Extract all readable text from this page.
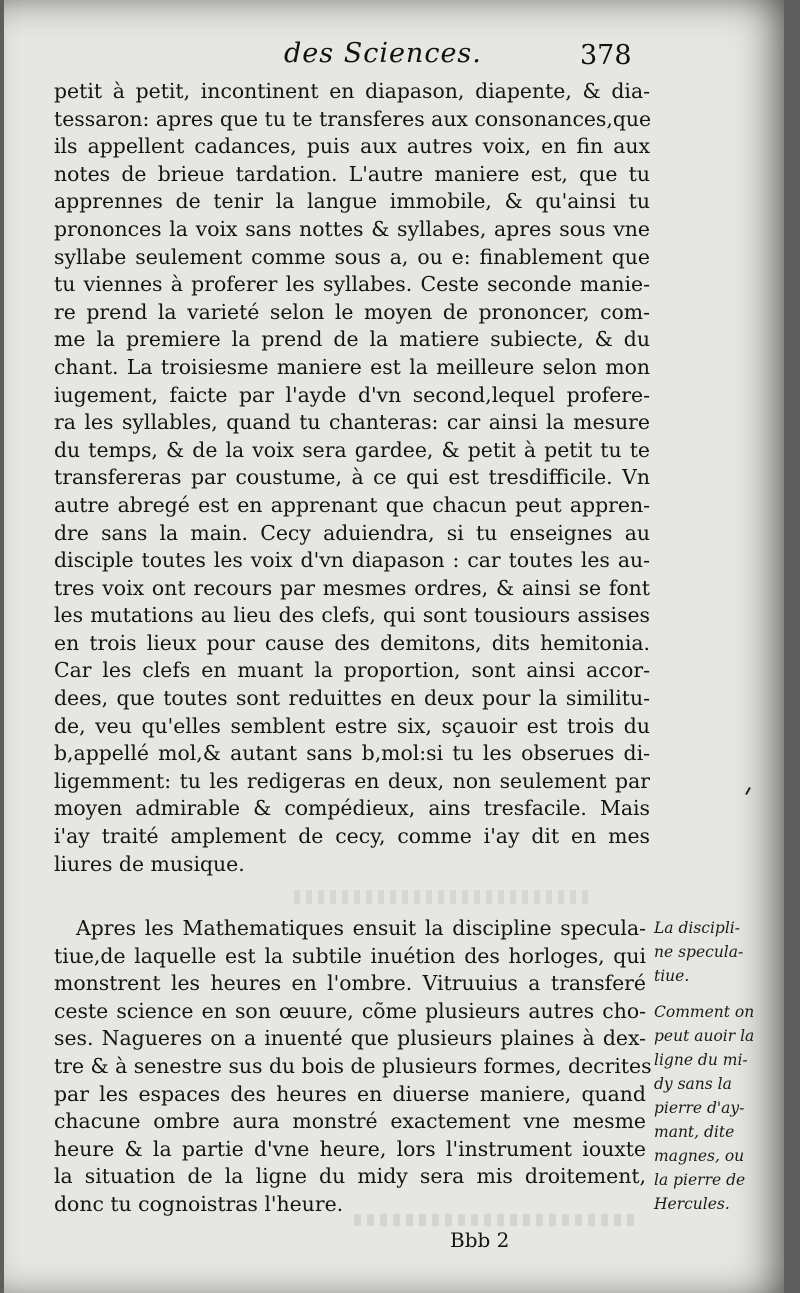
des Sciences.	378
petit à petit, incontinent en diapason, diapente, & dia-
tessaron: apres que tu te transferes aux consonances,que
ils appellent cadances, puis aux autres voix, en fin aux
notes de brieue tardation. L'autre maniere est, que tu
apprennes de tenir la langue immobile, & qu'ainsi tu
prononces la voix sans nottes & syllabes, apres sous vne
syllabe seulement comme sous a, ou e: finablement que
tu viennes à proferer les syllabes. Ceste seconde manie-
re prend la varieté selon le moyen de prononcer, com-
me la premiere la prend de la matiere subiecte, & du
chant. La troisiesme maniere est la meilleure selon mon
iugement, faicte par l'ayde d'vn second,lequel profere-
ra les syllables, quand tu chanteras: car ainsi la mesure
du temps, & de la voix sera gardee, & petit à petit tu te
transfereras par coustume, à ce qui est tresdifficile. Vn
autre abregé est en apprenant que chacun peut appren-
dre sans la main. Cecy aduiendra, si tu enseignes au
disciple toutes les voix d'vn diapason : car toutes les au-
tres voix ont recours par mesmes ordres, & ainsi se font
les mutations au lieu des clefs, qui sont tousiours assises
en trois lieux pour cause des demitons, dits hemitonia.
Car les clefs en muant la proportion, sont ainsi accor-
dees, que toutes sont reduittes en deux pour la similitu-
de, veu qu'elles semblent estre six, sçauoir est trois du
b,appellé mol,& autant sans b,mol:si tu les obserues di-
ligemment: tu les redigeras en deux, non seulement par
moyen admirable & compédieux, ains tresfacile. Mais
i'ay traité amplement de cecy, comme i'ay dit en mes
liures de musique.
Apres les Mathematiques ensuit la discipline specula-
tiue,de laquelle est la subtile inuétion des horloges, qui
monstrent les heures en l'ombre. Vitruuius a transferé
ceste science en son œuure, cõme plusieurs autres cho-
ses. Nagueres on a inuenté que plusieurs plaines à dex-
tre & à senestre sus du bois de plusieurs formes, decrites
par les espaces des heures en diuerse maniere, quand
chacune ombre aura monstré exactement vne mesme
heure & la partie d'vne heure, lors l'instrument iouxte
la situation de la ligne du midy sera mis droitement,
donc tu cognoistras l'heure.
La discipli-
ne specula-
tiue.
Comment on
peut auoir la
ligne du mi-
dy sans la
pierre d'ay-
mant, dite
magnes, ou
la pierre de
Hercules.
Bbb 2
